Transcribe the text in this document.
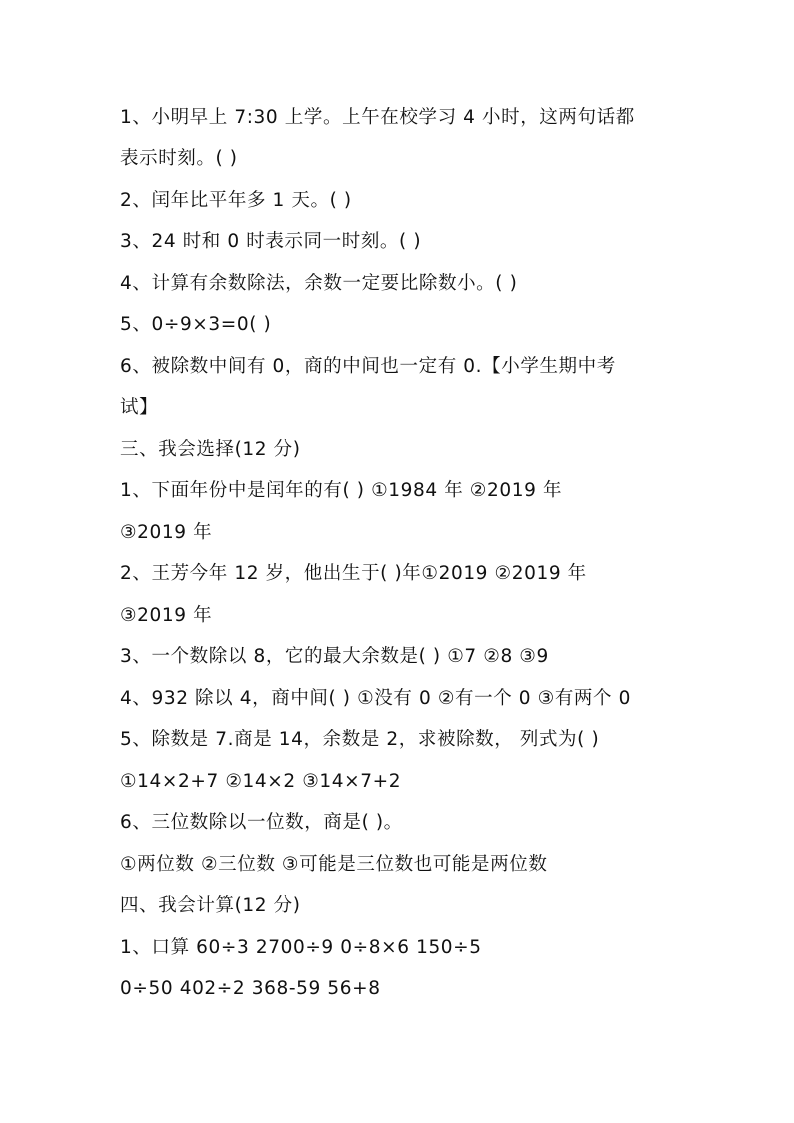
1、小明早上 7:30 上学。上午在校学习 4 小时，这两句话都
表示时刻。( )
2、闰年比平年多 1 天。( )
3、24 时和 0 时表示同一时刻。( )
4、计算有余数除法，余数一定要比除数小。( )
5、0÷9×3=0( )
6、被除数中间有 0，商的中间也一定有 0.【小学生期中考
试】
三、我会选择(12 分)
1、下面年份中是闰年的有( ) ①1984 年 ②2019 年
③2019 年
2、王芳今年 12 岁，他出生于( )年①2019 ②2019 年
③2019 年
3、一个数除以 8，它的最大余数是( ) ①7 ②8 ③9
4、932 除以 4，商中间( ) ①没有 0 ②有一个 0 ③有两个 0
5、除数是 7.商是 14，余数是 2，求被除数， 列式为( )
①14×2+7 ②14×2 ③14×7+2
6、三位数除以一位数，商是( )。
①两位数 ②三位数 ③可能是三位数也可能是两位数
四、我会计算(12 分)
1、口算 60÷3 2700÷9 0÷8×6 150÷5
0÷50 402÷2 368-59 56+8
